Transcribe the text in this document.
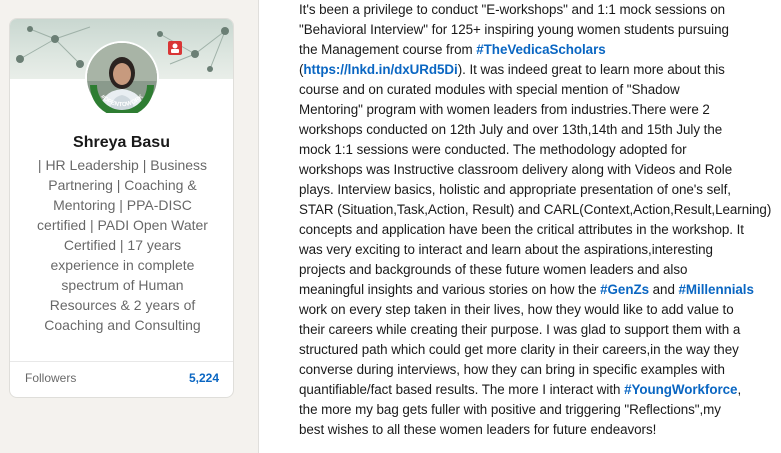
#OPENTOWORK
Shreya Basu
| HR Leadership | Business
Partnering | Coaching &
Mentoring | PPA-DISC
certified | PADI Open Water
Certified | 17 years
experience in complete
spectrum of Human
Resources & 2 years of
Coaching and Consulting
Followers	5,224
It's been a privilege to conduct "E-workshops" and 1:1 mock sessions on
"Behavioral Interview" for 125+ inspiring young women students pursuing
the Management course from #TheVedicaScholars
(https://lnkd.in/dxURd5Di). It was indeed great to learn more about this
course and on curated modules with special mention of "Shadow
Mentoring" program with women leaders from industries.There were 2
workshops conducted on 12th July and over 13th,14th and 15th July the
mock 1:1 sessions were conducted. The methodology adopted for
workshops was Instructive classroom delivery along with Videos and Role
plays. Interview basics, holistic and appropriate presentation of one's self,
STAR (Situation,Task,Action, Result) and CARL(Context,Action,Result,Learning)
concepts and application have been the critical attributes in the workshop. It
was very exciting to interact and learn about the aspirations,interesting
projects and backgrounds of these future women leaders and also
meaningful insights and various stories on how the #GenZs and #Millennials
work on every step taken in their lives, how they would like to add value to
their careers while creating their purpose. I was glad to support them with a
structured path which could get more clarity in their careers,in the way they
converse during interviews, how they can bring in specific examples with
quantifiable/fact based results. The more I interact with #YoungWorkforce,
the more my bag gets fuller with positive and triggering "Reflections",my
best wishes to all these women leaders for future endeavors!
